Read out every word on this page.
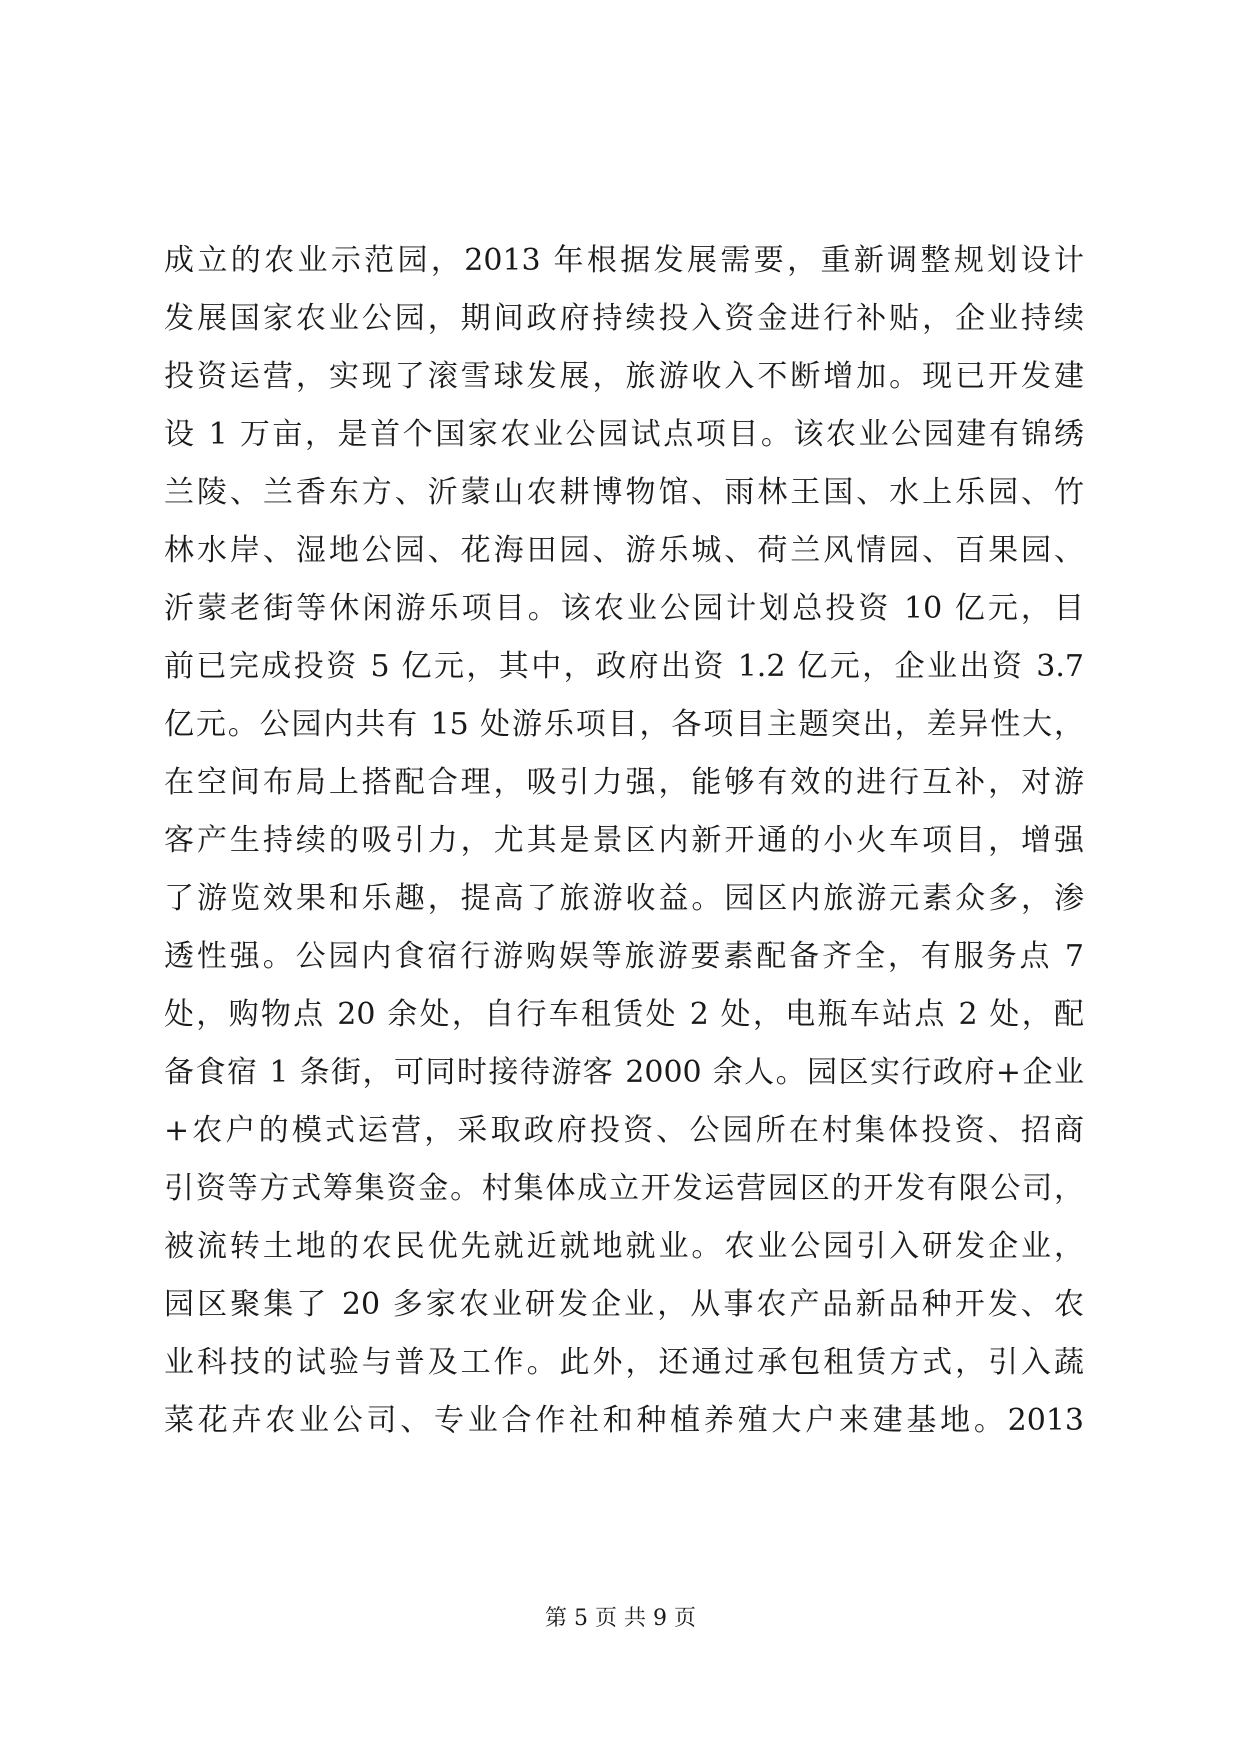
成立的农业示范园，2013 年根据发展需要，重新调整规划设计
发展国家农业公园，期间政府持续投入资金进行补贴，企业持续
投资运营，实现了滚雪球发展，旅游收入不断增加。现已开发建
设 1 万亩，是首个国家农业公园试点项目。该农业公园建有锦绣
兰陵、兰香东方、沂蒙山农耕博物馆、雨林王国、水上乐园、竹
林水岸、湿地公园、花海田园、游乐城、荷兰风情园、百果园、
沂蒙老街等休闲游乐项目。该农业公园计划总投资 10 亿元，目
前已完成投资 5 亿元，其中，政府出资 1.2 亿元，企业出资 3.7
亿元。公园内共有 15 处游乐项目，各项目主题突出，差异性大，
在空间布局上搭配合理，吸引力强，能够有效的进行互补，对游
客产生持续的吸引力，尤其是景区内新开通的小火车项目，增强
了游览效果和乐趣，提高了旅游收益。园区内旅游元素众多，渗
透性强。公园内食宿行游购娱等旅游要素配备齐全，有服务点 7
处，购物点 20 余处，自行车租赁处 2 处，电瓶车站点 2 处，配
备食宿 1 条街，可同时接待游客 2000 余人。园区实行政府+企业
+农户的模式运营，采取政府投资、公园所在村集体投资、招商
引资等方式筹集资金。村集体成立开发运营园区的开发有限公司，
被流转土地的农民优先就近就地就业。农业公园引入研发企业，
园区聚集了 20 多家农业研发企业，从事农产品新品种开发、农
业科技的试验与普及工作。此外，还通过承包租赁方式，引入蔬
菜花卉农业公司、专业合作社和种植养殖大户来建基地。2013
第 5 页 共 9 页
